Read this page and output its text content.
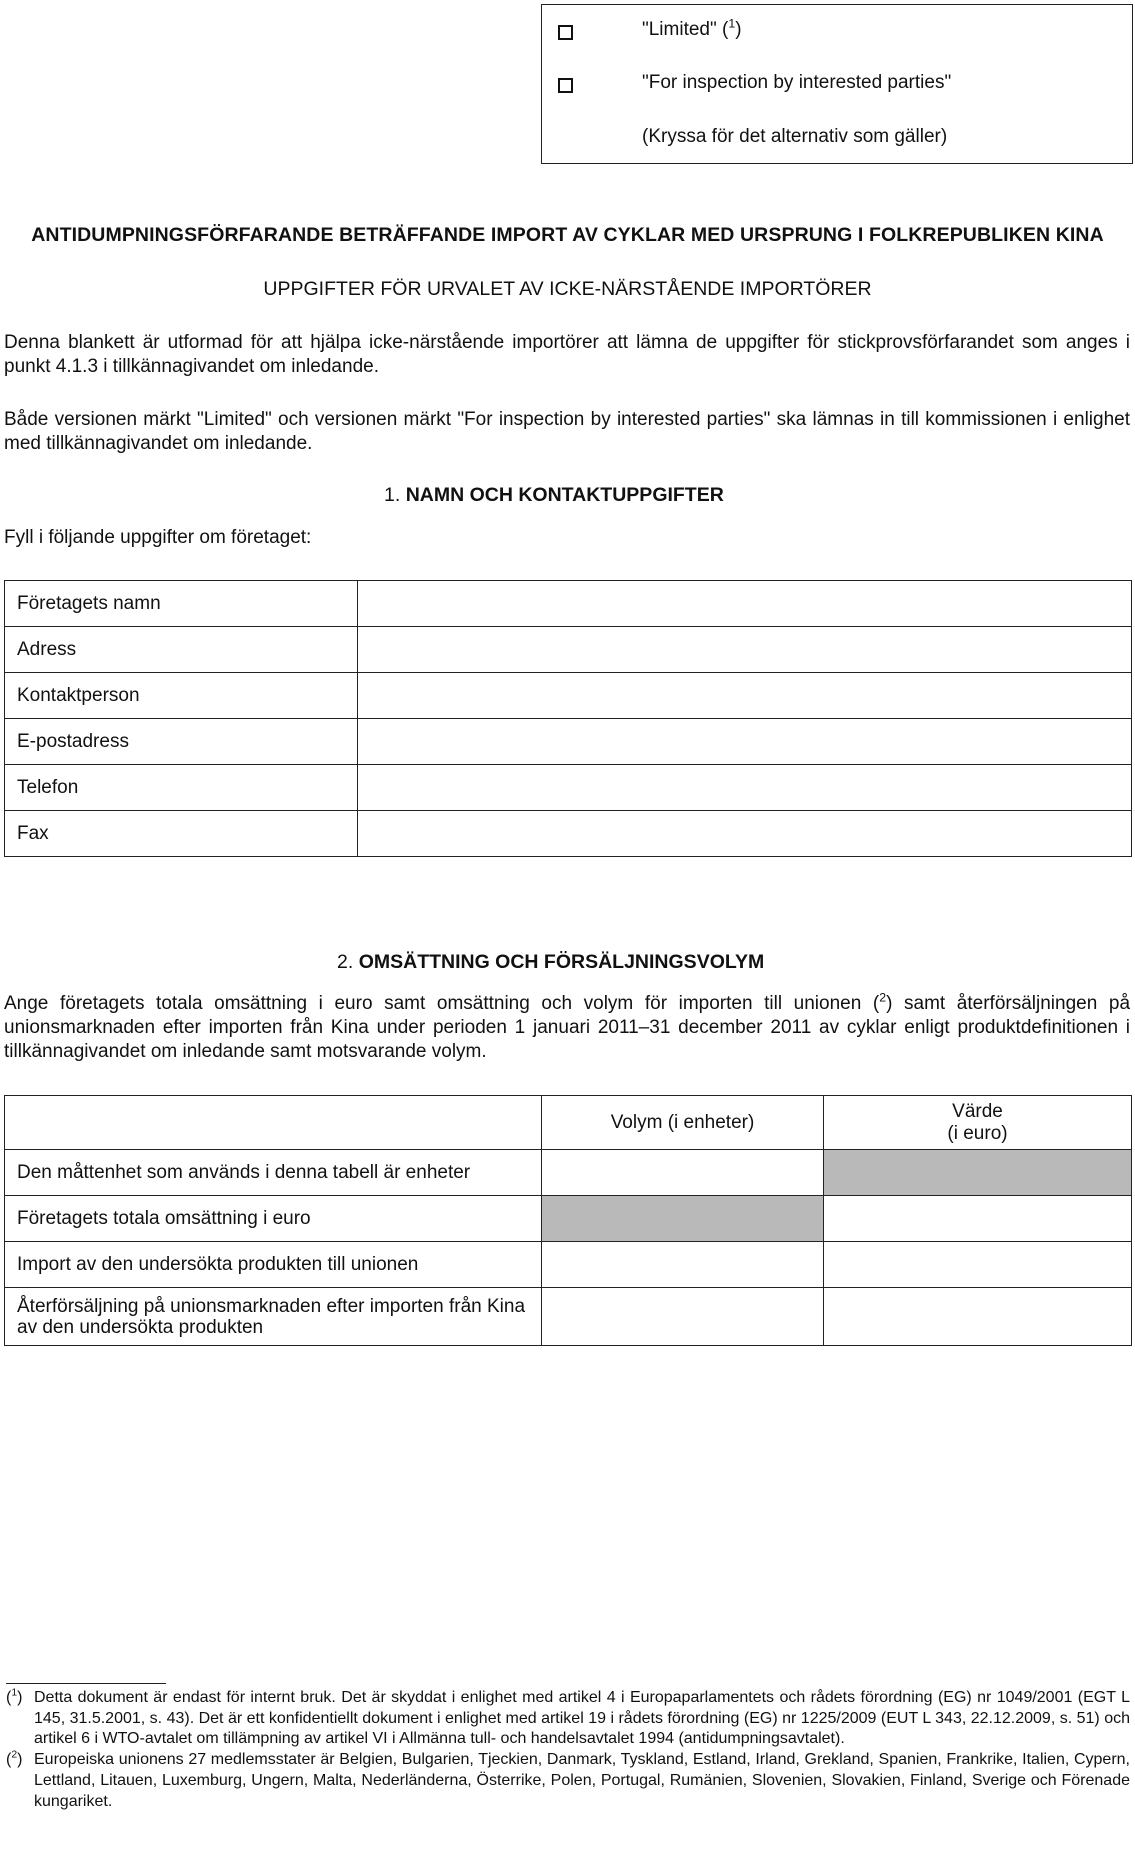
"Limited" ($^1$)
"For inspection by interested parties"
(Kryssa för det alternativ som gäller)
ANTIDUMPNINGSFÖRFARANDE BETRÄFFANDE IMPORT AV CYKLAR MED URSPRUNG I FOLKREPUBLIKEN KINA
UPPGIFTER FÖR URVALET AV ICKE-NÄRSTÅENDE IMPORTÖRER
Denna blankett är utformad för att hjälpa icke-närstående importörer att lämna de uppgifter för stickprovsförfarandet som anges i punkt 4.1.3 i tillkännagivandet om inledande.
Både versionen märkt "Limited" och versionen märkt "For inspection by interested parties" ska lämnas in till kommissionen i enlighet med tillkännagivandet om inledande.
1. NAMN OCH KONTAKTUPPGIFTER
Fyll i följande uppgifter om företaget:
Företagets namn	
Adress	
Kontaktperson	
E-postadress	
Telefon	
Fax	
2. OMSÄTTNING OCH FÖRSÄLJNINGSVOLYM
Ange företagets totala omsättning i euro samt omsättning och volym för importen till unionen ($^2$) samt återförsäljningen på unionsmarknaden efter importen från Kina under perioden 1 januari 2011–31 december 2011 av cyklar enligt produktdefinitionen i tillkännagivandet om inledande samt motsvarande volym.
	Volym (i enheter)	Värde
(i euro)

Den måttenhet som används i denna tabell är enheter		
Företagets totala omsättning i euro		
Import av den undersökta produkten till unionen		
Återförsäljning på unionsmarknaden efter importen från Kina av den undersökta produkten		
($^1$) Detta dokument är endast för internt bruk. Det är skyddat i enlighet med artikel 4 i Europaparlamentets och rådets förordning (EG) nr 1049/2001 (EGT L 145, 31.5.2001, s. 43). Det är ett konfidentiellt dokument i enlighet med artikel 19 i rådets förordning (EG) nr 1225/2009 (EUT L 343, 22.12.2009, s. 51) och artikel 6 i WTO-avtalet om tillämpning av artikel VI i Allmänna tull- och handelsavtalet 1994 (antidumpningsavtalet).
($^2$) Europeiska unionens 27 medlemsstater är Belgien, Bulgarien, Tjeckien, Danmark, Tyskland, Estland, Irland, Grekland, Spanien, Frankrike, Italien, Cypern, Lettland, Litauen, Luxemburg, Ungern, Malta, Nederländerna, Österrike, Polen, Portugal, Rumänien, Slovenien, Slovakien, Finland, Sverige och Förenade kungariket.
